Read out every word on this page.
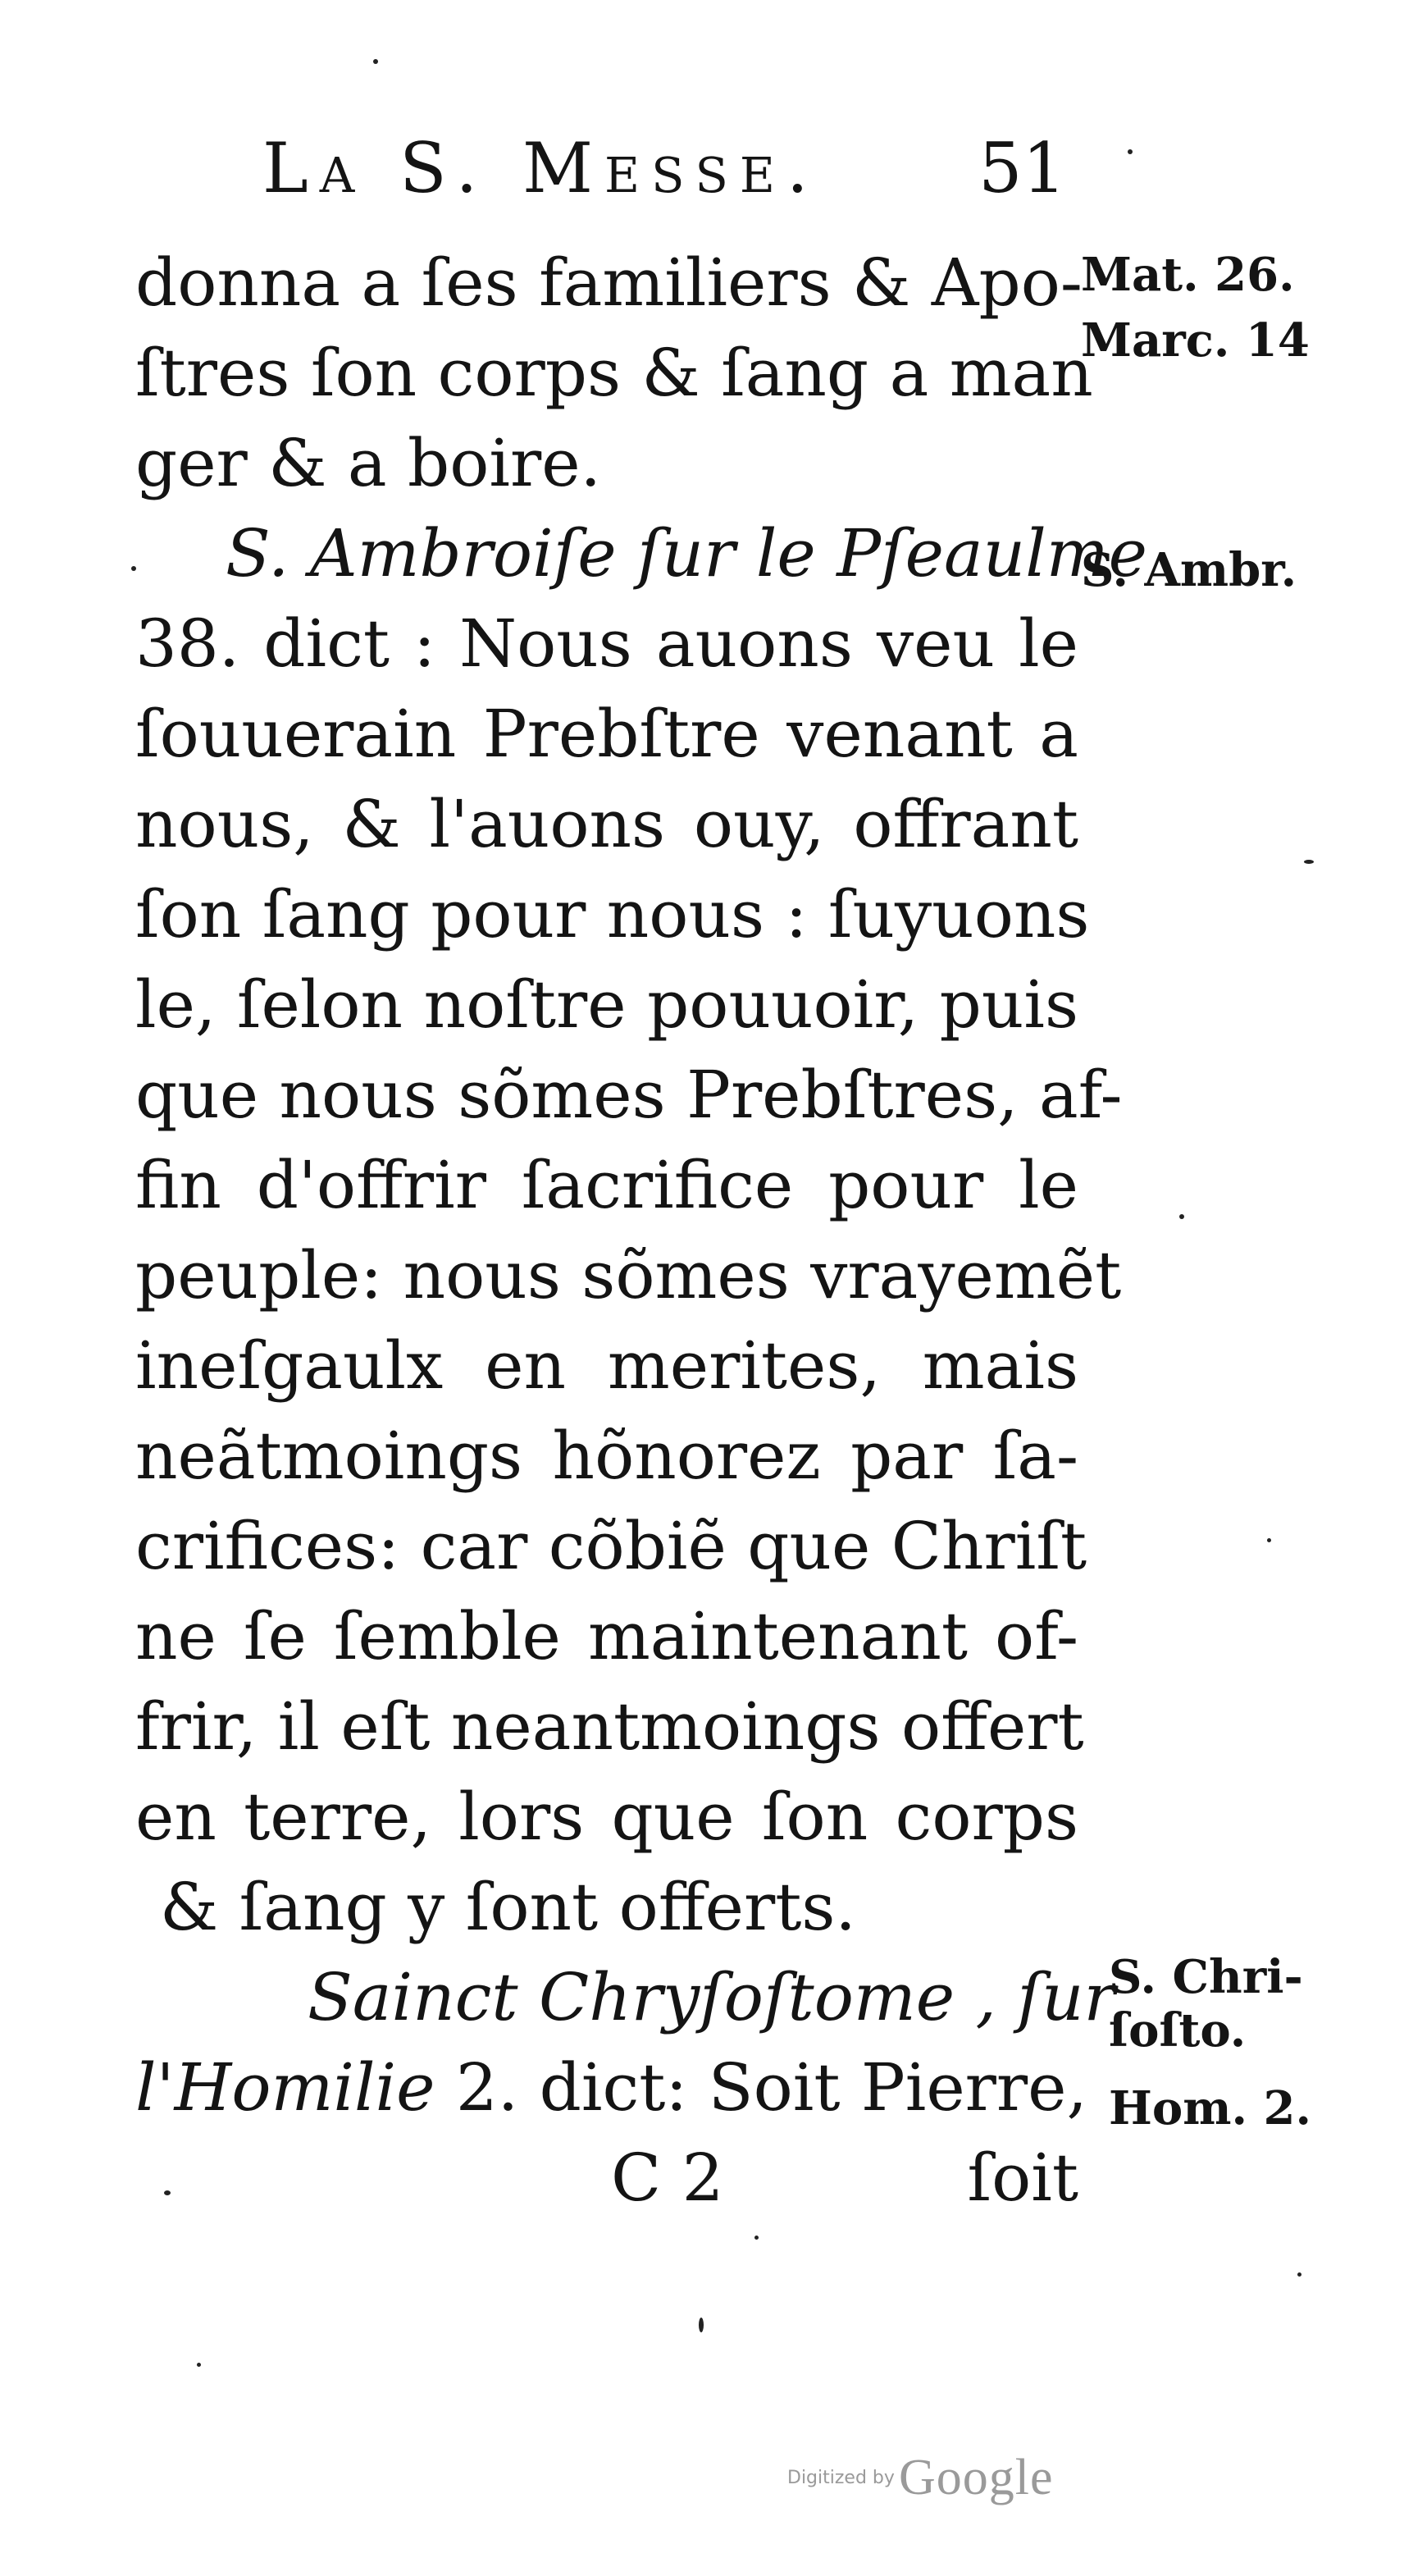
La S. Messe. 51
donna a ſes familiers & Apo-
ſtres ſon corps & ſang a man
ger & a boire.
S. Ambroiſe ſur le Pſeaulme
38. dict : Nous auons veu le
ſouuerain Prebſtre venant a
nous, & l'auons ouy, offrant
ſon ſang pour nous : ſuyuons
le, ſelon noſtre pouuoir, puis
que nous sõmes Prebſtres, af-
fin d'offrir ſacrifice pour le
peuple: nous sõmes vrayemẽt
ineſgaulx en merites, mais
neãtmoings hõnorez par ſa-
crifices: car cõbiẽ que Chriſt
ne ſe ſemble maintenant of-
frir, il eſt neantmoings offert
en terre, lors que ſon corps
& ſang y ſont offerts.
Sainct Chryſoſtome , ſur
l'Homilie 2. dict: Soit Pierre,
Mat. 26.
Marc. 14
S. Ambr.
S. Chri-
ſoſto.
Hom. 2.
C 2	ſoit
Digitized by Google
